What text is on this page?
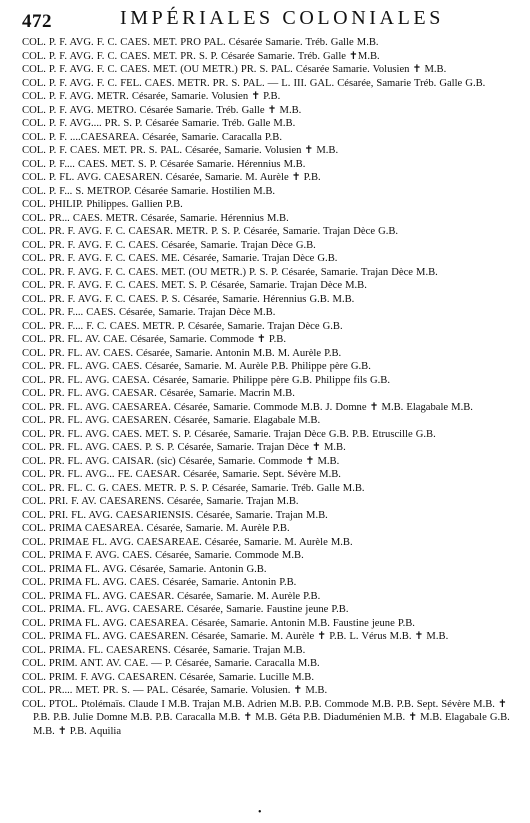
472	IMPÉRIALES COLONIALES
COL. P. F. AVG. F. C. CAES. MET. PRO PAL. Césarée Samarie. Tréb. Galle M.B.
COL. P. F. AVG. F. C. CAES. MET. PR. S. P. Césarée Samarie. Tréb. Galle ✝M.B.
COL. P. F. AVG. F. C. CAES. MET. (OU METR.) PR. S. PAL. Césarée Samarie. Volusien ✝ M.B.
COL. P. F. AVG. F. C. FEL. CAES. METR. PR. S. PAL. — L. III. GAL. Césarée, Samarie Tréb. Galle G.B.
COL. P. F. AVG. METR. Césarée, Samarie. Volusien ✝ P.B.
COL. P. F. AVG. METRO. Césarée Samarie. Tréb. Galle ✝ M.B.
COL. P. F. AVG.... PR. S. P. Césarée Samarie. Tréb. Galle M.B.
COL. P. F. ....CAESAREA. Césarée, Samarie. Caracalla P.B.
COL. P. F. CAES. MET. PR. S. PAL. Césarée, Samarie. Volusien ✝ M.B.
COL. P. F.... CAES. MET. S. P. Césarée Samarie. Hérennius M.B.
COL. P. FL. AVG. CAESAREN. Césarée, Samarie. M. Aurèle ✝ P.B.
COL. P. F... S. METROP. Césarée Samarie. Hostilien M.B.
COL. PHILIP. Philippes. Gallien P.B.
COL. PR... CAES. METR. Césarée, Samarie. Hérennius M.B.
COL. PR. F. AVG. F. C. CAESAR. METR. P. S. P. Césarée, Samarie. Trajan Dèce G.B.
COL. PR. F. AVG. F. C. CAES. Césarée, Samarie. Trajan Dèce G.B.
COL. PR. F. AVG. F. C. CAES. ME. Césarée, Samarie. Trajan Dèce G.B.
COL. PR. F. AVG. F. C. CAES. MET. (OU METR.) P. S. P. Césarée, Samarie. Trajan Dèce M.B.
COL. PR. F. AVG. F. C. CAES. MET. S. P. Césarée, Samarie. Trajan Dèce M.B.
COL. PR. F. AVG. F. C. CAES. P. S. Césarée, Samarie. Hérennius G.B. M.B.
COL. PR. F.... CAES. Césarée, Samarie. Trajan Dèce M.B.
COL. PR. F.... F. C. CAES. METR. P. Césarée, Samarie. Trajan Dèce G.B.
COL. PR. FL. AV. CAE. Césarée, Samarie. Commode ✝ P.B.
COL. PR. FL. AV. CAES. Césarée, Samarie. Antonin M.B. M. Aurèle P.B.
COL. PR. FL. AVG. CAES. Césarée, Samarie. M. Aurèle P.B. Philippe père G.B.
COL. PR. FL. AVG. CAESA. Césarée, Samarie. Philippe père G.B. Philippe fils G.B.
COL. PR. FL. AVG. CAESAR. Césarée, Samarie. Macrin M.B.
COL. PR. FL. AVG. CAESAREA. Césarée, Samarie. Commode M.B. J. Domne ✝ M.B. Elagabale M.B.
COL. PR. FL. AVG. CAESAREN. Césarée, Samarie. Elagabale M.B.
COL. PR. FL. AVG. CAES. MET. S. P. Césarée, Samarie. Trajan Dèce G.B. P.B. Etruscille G.B.
COL. PR. FL. AVG. CAES. P. S. P. Césarée, Samarie. Trajan Dèce ✝ M.B.
COL. PR. FL. AVG. CAISAR. (sic) Césarée, Samarie. Commode ✝ M.B.
COL. PR. FL. AVG... FE. CAESAR. Césarée, Samarie. Sept. Sévère M.B.
COL. PR. FL. C. G. CAES. METR. P. S. P. Césarée, Samarie. Tréb. Galle M.B.
COL. PRI. F. AV. CAESARENS. Césarée, Samarie. Trajan M.B.
COL. PRI. FL. AVG. CAESARIENSIS. Césarée, Samarie. Trajan M.B.
COL. PRIMA CAESAREA. Césarée, Samarie. M. Aurèle P.B.
COL. PRIMAE FL. AVG. CAESAREAE. Césarée, Samarie. M. Aurèle M.B.
COL. PRIMA F. AVG. CAES. Césarée, Samarie. Commode M.B.
COL. PRIMA FL. AVG. Césarée, Samarie. Antonin G.B.
COL. PRIMA FL. AVG. CAES. Césarée, Samarie. Antonin P.B.
COL. PRIMA FL. AVG. CAESAR. Césarée, Samarie. M. Aurèle P.B.
COL. PRIMA. FL. AVG. CAESARE. Césarée, Samarie. Faustine jeune P.B.
COL. PRIMA FL. AVG. CAESAREA. Césarée, Samarie. Antonin M.B. Faustine jeune P.B.
COL. PRIMA FL. AVG. CAESAREN. Césarée, Samarie. M. Aurèle ✝ P.B. L. Vérus M.B. ✝ M.B.
COL. PRIMA. FL. CAESARENS. Césarée, Samarie. Trajan M.B.
COL. PRIM. ANT. AV. CAE. — P. Césarée, Samarie. Caracalla M.B.
COL. PRIM. F. AVG. CAESAREN. Césarée, Samarie. Lucille M.B.
COL. PR.... MET. PR. S. — PAL. Césarée, Samarie. Volusien. ✝ M.B.
COL. PTOL. Ptolémaïs. Claude I M.B. Trajan M.B. Adrien M.B. P.B. Commode M.B. P.B. Sept. Sévère M.B. ✝ P.B. P.B. Julie Domne M.B. P.B. Caracalla M.B. ✝ M.B. Géta P.B. Diaduménien M.B. ✝ M.B. Elagabale G.B. M.B. ✝ P.B. Aquilia
•
